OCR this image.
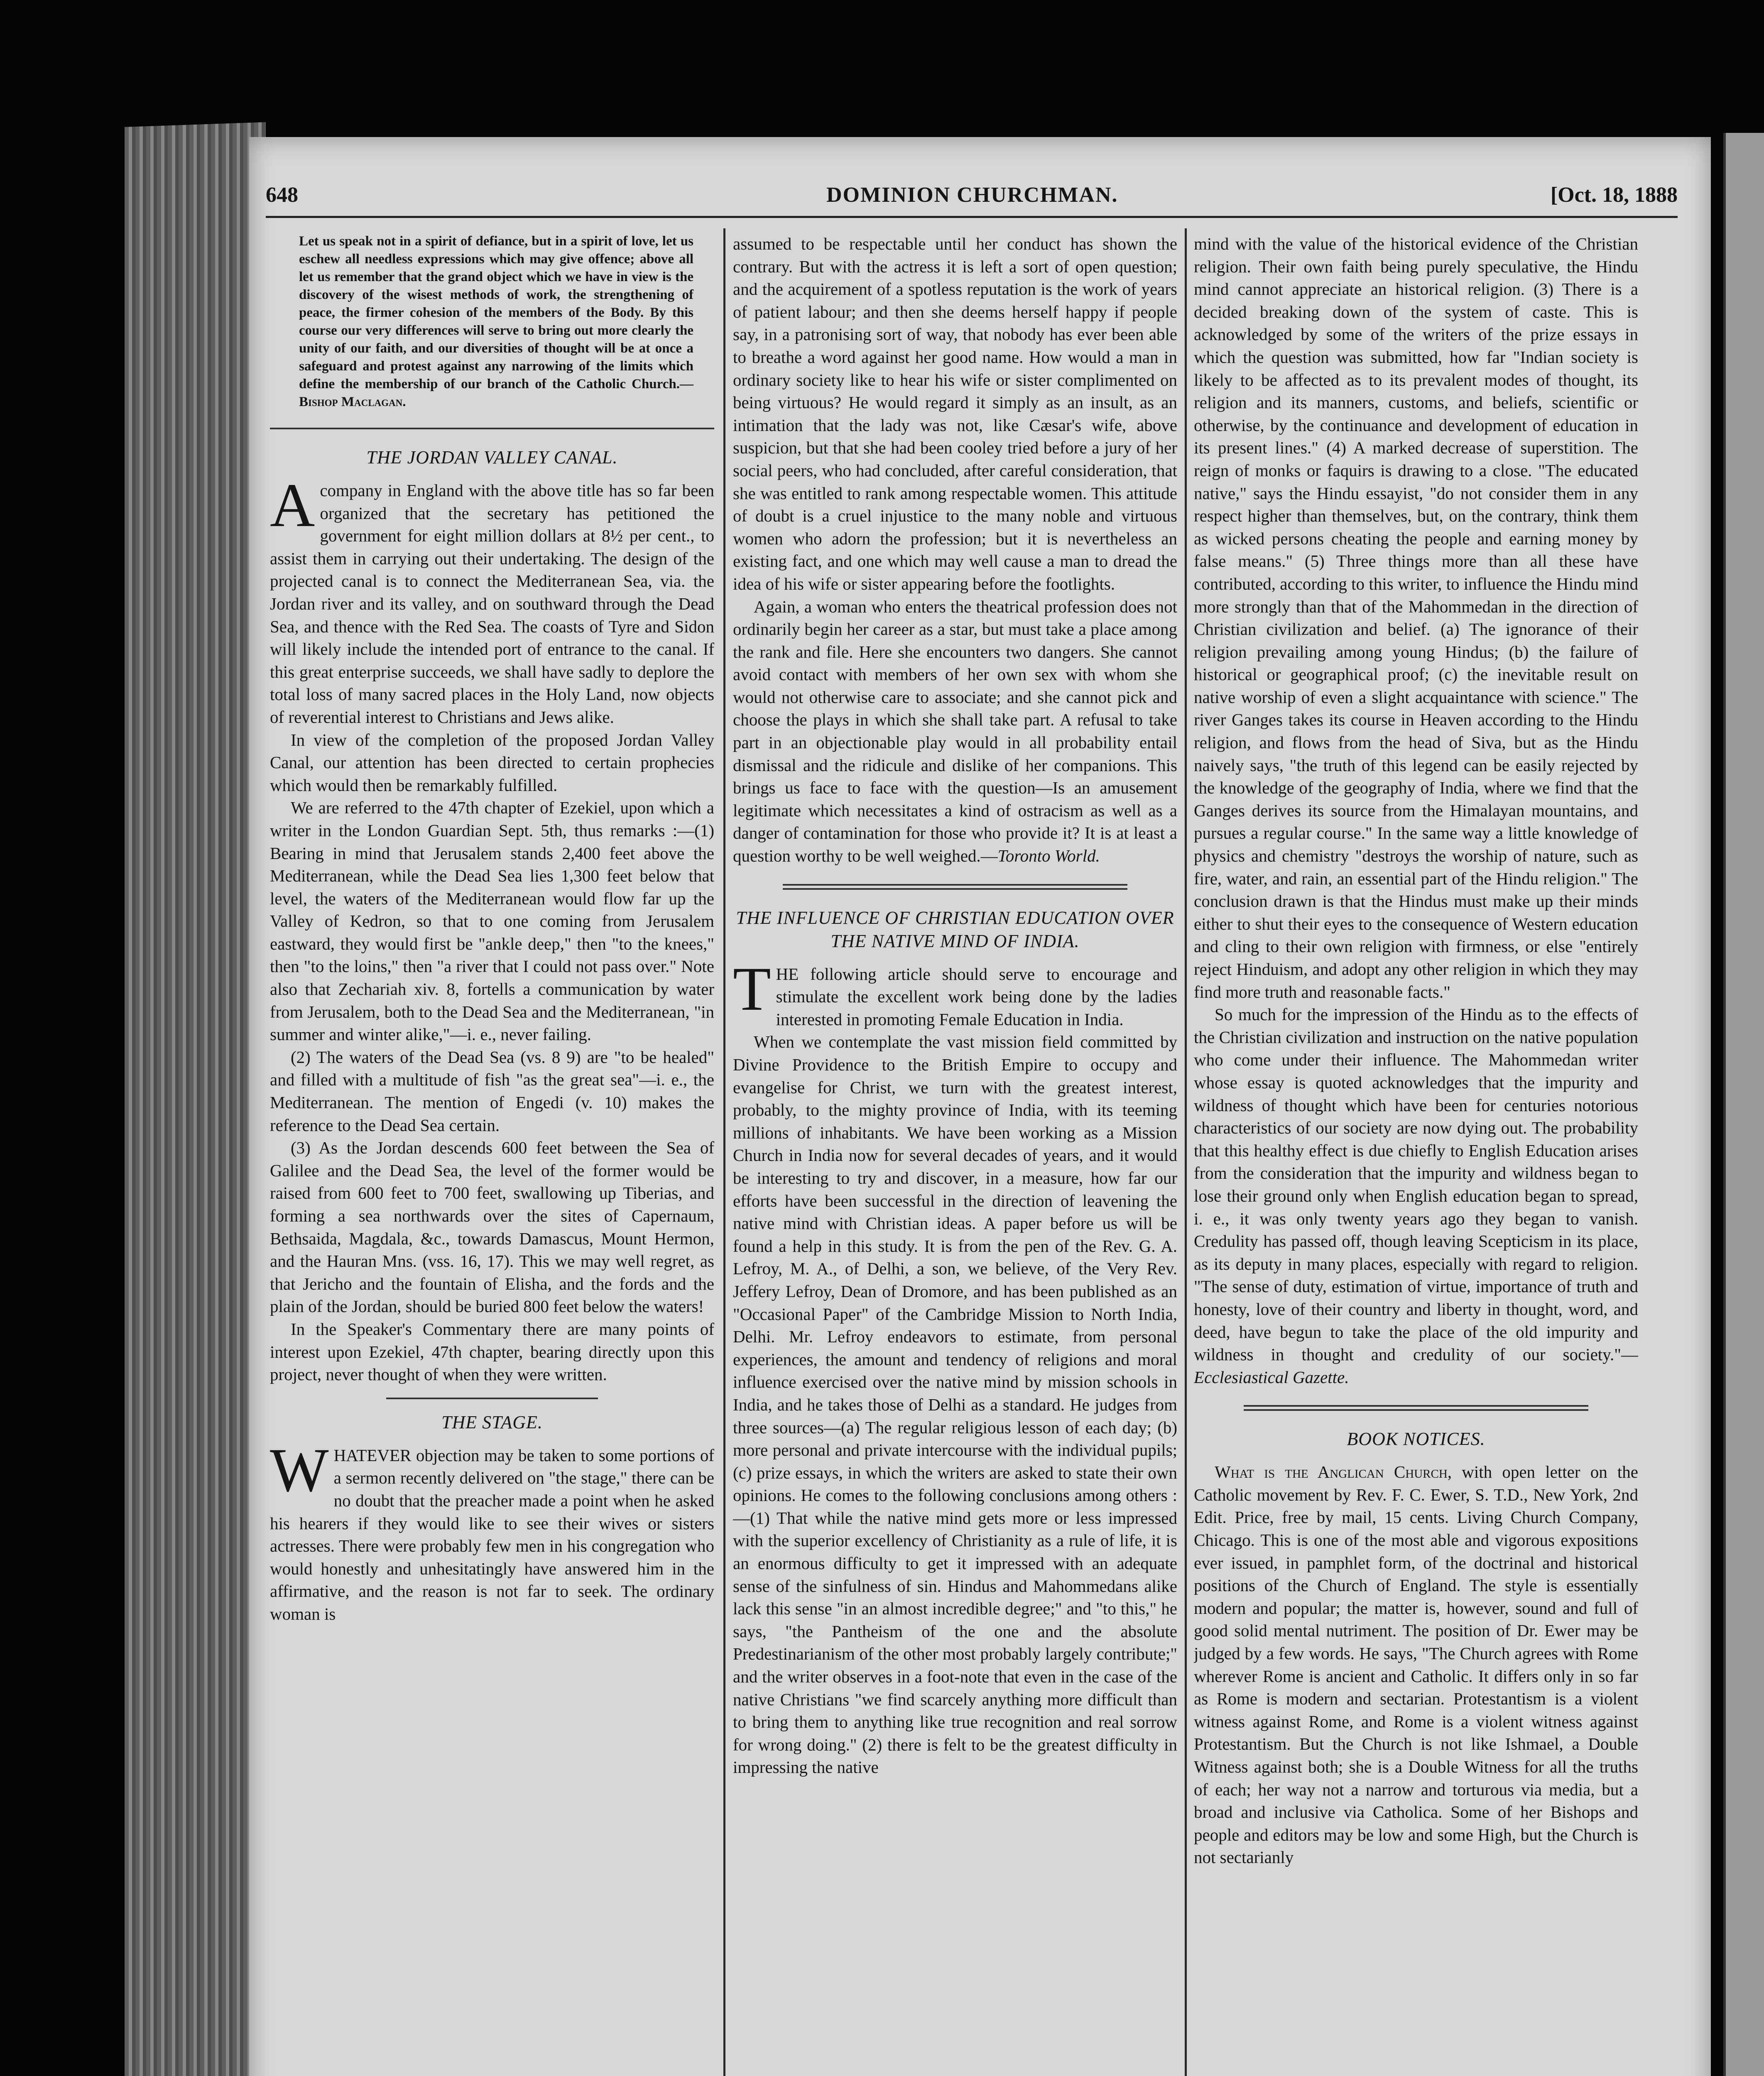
648	DOMINION CHURCHMAN.	[Oct. 18, 1888
Let us speak not in a spirit of defiance, but in a spirit of love, let us eschew all needless expressions which may give offence; above all let us remember that the grand object which we have in view is the discovery of the wisest methods of work, the strengthening of peace, the firmer cohesion of the members of the Body. By this course our very differences will serve to bring out more clearly the unity of our faith, and our diversities of thought will be at once a safeguard and protest against any narrowing of the limits which define the membership of our branch of the Catholic Church.—Bishop Maclagan.
THE JORDAN VALLEY CANAL.

Acompany in England with the above title has so far been organized that the secretary has petitioned the government for eight million dollars at 8½ per cent., to assist them in carrying out their undertaking. The design of the projected canal is to connect the Mediterranean Sea, via. the Jordan river and its valley, and on southward through the Dead Sea, and thence with the Red Sea. The coasts of Tyre and Sidon will likely include the intended port of entrance to the canal. If this great enterprise succeeds, we shall have sadly to deplore the total loss of many sacred places in the Holy Land, now objects of reverential interest to Christians and Jews alike.

In view of the completion of the proposed Jordan Valley Canal, our attention has been directed to certain prophecies which would then be remarkably fulfilled.

We are referred to the 47th chapter of Ezekiel, upon which a writer in the London Guardian Sept. 5th, thus remarks :—(1) Bearing in mind that Jerusalem stands 2,400 feet above the Mediterranean, while the Dead Sea lies 1,300 feet below that level, the waters of the Mediterranean would flow far up the Valley of Kedron, so that to one coming from Jerusalem eastward, they would first be "ankle deep," then "to the knees," then "to the loins," then "a river that I could not pass over." Note also that Zechariah xiv. 8, fortells a communication by water from Jerusalem, both to the Dead Sea and the Mediterranean, "in summer and winter alike,"—i. e., never failing.

(2) The waters of the Dead Sea (vs. 8 9) are "to be healed" and filled with a multitude of fish "as the great sea"—i. e., the Mediterranean. The mention of Engedi (v. 10) makes the reference to the Dead Sea certain.

(3) As the Jordan descends 600 feet between the Sea of Galilee and the Dead Sea, the level of the former would be raised from 600 feet to 700 feet, swallowing up Tiberias, and forming a sea northwards over the sites of Capernaum, Bethsaida, Magdala, &c., towards Damascus, Mount Hermon, and the Hauran Mns. (vss. 16, 17). This we may well regret, as that Jericho and the fountain of Elisha, and the fords and the plain of the Jordan, should be buried 800 feet below the waters!

In the Speaker's Commentary there are many points of interest upon Ezekiel, 47th chapter, bearing directly upon this project, never thought of when they were written.

THE STAGE.

WHATEVER objection may be taken to some portions of a sermon recently delivered on "the stage," there can be no doubt that the preacher made a point when he asked his hearers if they would like to see their wives or sisters actresses. There were probably few men in his congregation who would honestly and unhesitatingly have answered him in the affirmative, and the reason is not far to seek. The ordinary woman is

assumed to be respectable until her conduct has shown the contrary. But with the actress it is left a sort of open question; and the acquirement of a spotless reputation is the work of years of patient labour; and then she deems herself happy if people say, in a patronising sort of way, that nobody has ever been able to breathe a word against her good name. How would a man in ordinary society like to hear his wife or sister complimented on being virtuous? He would regard it simply as an insult, as an intimation that the lady was not, like Cæsar's wife, above suspicion, but that she had been cooley tried before a jury of her social peers, who had concluded, after careful consideration, that she was entitled to rank among respectable women. This attitude of doubt is a cruel injustice to the many noble and virtuous women who adorn the profession; but it is nevertheless an existing fact, and one which may well cause a man to dread the idea of his wife or sister appearing before the footlights.

Again, a woman who enters the theatrical profession does not ordinarily begin her career as a star, but must take a place among the rank and file. Here she encounters two dangers. She cannot avoid contact with members of her own sex with whom she would not otherwise care to associate; and she cannot pick and choose the plays in which she shall take part. A refusal to take part in an objectionable play would in all probability entail dismissal and the ridicule and dislike of her companions. This brings us face to face with the question—Is an amusement legitimate which necessitates a kind of ostracism as well as a danger of contamination for those who provide it? It is at least a question worthy to be well weighed.—Toronto World.

THE INFLUENCE OF CHRISTIAN EDUCATION OVER THE NATIVE MIND OF INDIA.

THE following article should serve to encourage and stimulate the excellent work being done by the ladies interested in promoting Female Education in India.

When we contemplate the vast mission field committed by Divine Providence to the British Empire to occupy and evangelise for Christ, we turn with the greatest interest, probably, to the mighty province of India, with its teeming millions of inhabitants. We have been working as a Mission Church in India now for several decades of years, and it would be interesting to try and discover, in a measure, how far our efforts have been successful in the direction of leavening the native mind with Christian ideas. A paper before us will be found a help in this study. It is from the pen of the Rev. G. A. Lefroy, M. A., of Delhi, a son, we believe, of the Very Rev. Jeffery Lefroy, Dean of Dromore, and has been published as an "Occasional Paper" of the Cambridge Mission to North India, Delhi. Mr. Lefroy endeavors to estimate, from personal experiences, the amount and tendency of religions and moral influence exercised over the native mind by mission schools in India, and he takes those of Delhi as a standard. He judges from three sources—(a) The regular religious lesson of each day; (b) more personal and private intercourse with the individual pupils; (c) prize essays, in which the writers are asked to state their own opinions. He comes to the following conclusions among others :—(1) That while the native mind gets more or less impressed with the superior excellency of Christianity as a rule of life, it is an enormous difficulty to get it impressed with an adequate sense of the sinfulness of sin. Hindus and Mahommedans alike lack this sense "in an almost incredible degree;" and "to this," he says, "the Pantheism of the one and the absolute Predestinarianism of the other most probably largely contribute;" and the writer observes in a foot-note that even in the case of the native Christians "we find scarcely anything more difficult than to bring them to anything like true recognition and real sorrow for wrong doing." (2) there is felt to be the greatest difficulty in impressing the native

mind with the value of the historical evidence of the Christian religion. Their own faith being purely speculative, the Hindu mind cannot appreciate an historical religion. (3) There is a decided breaking down of the system of caste. This is acknowledged by some of the writers of the prize essays in which the question was submitted, how far "Indian society is likely to be affected as to its prevalent modes of thought, its religion and its manners, customs, and beliefs, scientific or otherwise, by the continuance and development of education in its present lines." (4) A marked decrease of superstition. The reign of monks or faquirs is drawing to a close. "The educated native," says the Hindu essayist, "do not consider them in any respect higher than themselves, but, on the contrary, think them as wicked persons cheating the people and earning money by false means." (5) Three things more than all these have contributed, according to this writer, to influence the Hindu mind more strongly than that of the Mahommedan in the direction of Christian civilization and belief. (a) The ignorance of their religion prevailing among young Hindus; (b) the failure of historical or geographical proof; (c) the inevitable result on native worship of even a slight acquaintance with science." The river Ganges takes its course in Heaven according to the Hindu religion, and flows from the head of Siva, but as the Hindu naively says, "the truth of this legend can be easily rejected by the knowledge of the geography of India, where we find that the Ganges derives its source from the Himalayan mountains, and pursues a regular course." In the same way a little knowledge of physics and chemistry "destroys the worship of nature, such as fire, water, and rain, an essential part of the Hindu religion." The conclusion drawn is that the Hindus must make up their minds either to shut their eyes to the consequence of Western education and cling to their own religion with firmness, or else "entirely reject Hinduism, and adopt any other religion in which they may find more truth and reasonable facts."

So much for the impression of the Hindu as to the effects of the Christian civilization and instruction on the native population who come under their influence. The Mahommedan writer whose essay is quoted acknowledges that the impurity and wildness of thought which have been for centuries notorious characteristics of our society are now dying out. The probability that this healthy effect is due chiefly to English Education arises from the consideration that the impurity and wildness began to lose their ground only when English education began to spread, i. e., it was only twenty years ago they began to vanish. Credulity has passed off, though leaving Scepticism in its place, as its deputy in many places, especially with regard to religion. "The sense of duty, estimation of virtue, importance of truth and honesty, love of their country and liberty in thought, word, and deed, have begun to take the place of the old impurity and wildness in thought and credulity of our society."—Ecclesiastical Gazette.

BOOK NOTICES.

What is the Anglican Church, with open letter on the Catholic movement by Rev. F. C. Ewer, S. T.D., New York, 2nd Edit. Price, free by mail, 15 cents. Living Church Company, Chicago. This is one of the most able and vigorous expositions ever issued, in pamphlet form, of the doctrinal and historical positions of the Church of England. The style is essentially modern and popular; the matter is, however, sound and full of good solid mental nutriment. The position of Dr. Ewer may be judged by a few words. He says, "The Church agrees with Rome wherever Rome is ancient and Catholic. It differs only in so far as Rome is modern and sectarian. Protestantism is a violent witness against Rome, and Rome is a violent witness against Protestantism. But the Church is not like Ishmael, a Double Witness against both; she is a Double Witness for all the truths of each; her way not a narrow and torturous via media, but a broad and inclusive via Catholica. Some of her Bishops and people and editors may be low and some High, but the Church is not sectarianly
